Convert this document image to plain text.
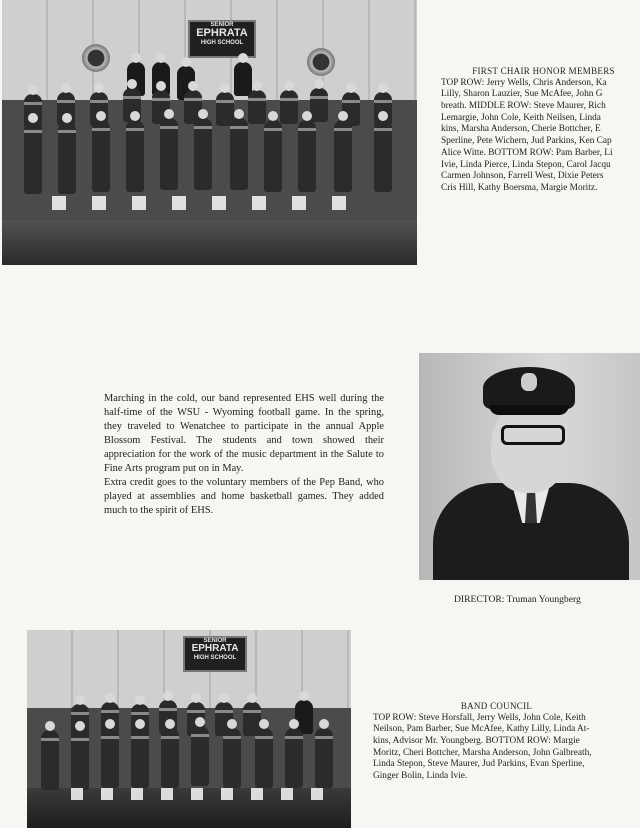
SENIOR
EPHRATA
HIGH SCHOOL
FIRST CHAIR HONOR MEMBERS
TOP ROW: Jerry Wells, Chris Anderson, Ka
Lilly, Sharon Lauzier, Sue McAfee, John G
breath. MIDDLE ROW: Steve Maurer, Rich
Lemargie, John Cole, Keith Neilsen, Linda
kins, Marsha Anderson, Cherie Bottcher, E
Sperline, Pete Wichern, Jud Parkins, Ken Cap
Alice Witte. BOTTOM ROW: Pam Barber, Li
Ivie, Linda Pierce, Linda Stepon, Carol Jacqu
Carmen Johnson, Farrell West, Dixie Peters
Cris Hill, Kathy Boersma, Margie Moritz.

Marching in the cold, our band represented EHS well during the half-time of the WSU - Wyoming football game. In the spring, they traveled to Wenatchee to participate in the annual Apple Blossom Festival. The students and town showed their appreciation for the work of the music department in the Salute to Fine Arts program put on in May.

Extra credit goes to the voluntary members of the Pep Band, who played at assemblies and home basketball games. They added much to the spirit of EHS.

DIRECTOR: Truman Youngberg
SENIOR
EPHRATA
HIGH SCHOOL
BAND COUNCIL
TOP ROW: Steve Horsfall, Jerry Wells, John Cole, Keith
Neilson, Pam Barber, Sue McAfee, Kathy Lilly, Linda At-
kins, Advisor Mr. Youngberg. BOTTOM ROW: Margie
Moritz, Cheri Bottcher, Marsha Anderson, John Galbreath,
Linda Stepon, Steve Maurer, Jud Parkins, Evan Sperline,
Ginger Bolin, Linda Ivie.
